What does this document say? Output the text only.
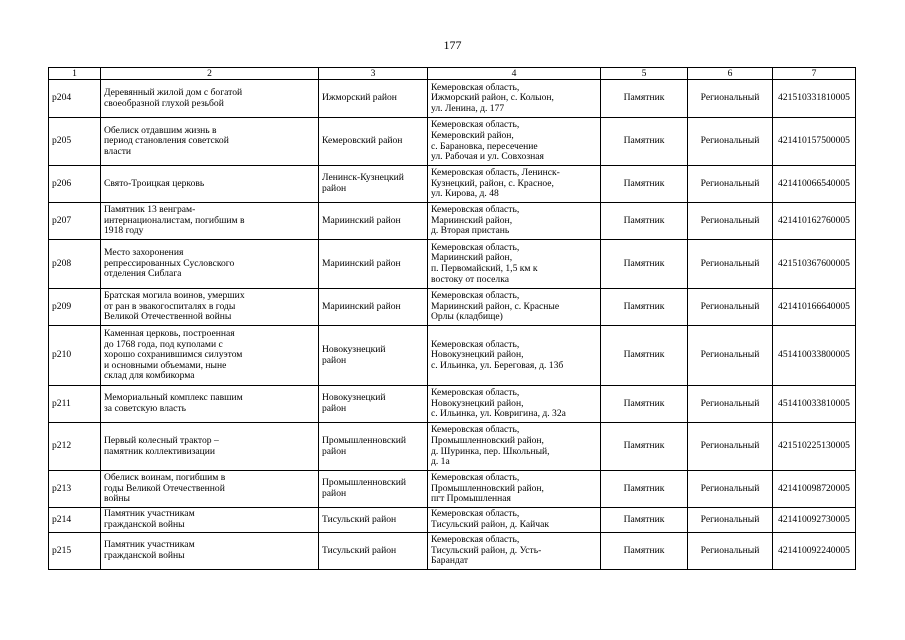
177
1	2	3	4	5	6	7
р204	Деревянный жилой дом с богатой
своеобразной глухой резьбой	Ижморский район	Кемеровская область,
Ижморский район, с. Колыон,
ул. Ленина, д. 177	Памятник	Региональный	421510331810005
р205	Обелиск отдавшим жизнь в
период становления советской
власти	Кемеровский район	Кемеровская область,
Кемеровский район,
с. Барановка, пересечение
ул. Рабочая и ул. Совхозная	Памятник	Региональный	421410157500005
р206	Свято-Троицкая церковь	Ленинск-Кузнецкий
район	Кемеровская область, Ленинск-
Кузнецкий, район, с. Красное,
ул. Кирова, д. 48	Памятник	Региональный	421410066540005
р207	Памятник 13 венграм-
интернационалистам, погибшим в
1918 году	Мариинский район	Кемеровская область,
Мариинский район,
д. Вторая пристань	Памятник	Региональный	421410162760005
р208	Место захоронения
репрессированных Сусловского
отделения Сиблага	Мариинский район	Кемеровская область,
Мариинский район,
п. Первомайский, 1,5 км к
востоку от поселка	Памятник	Региональный	421510367600005
р209	Братская могила воинов, умерших
от ран в эвакогоспиталях в годы
Великой Отечественной войны	Мариинский район	Кемеровская область,
Мариинский район, с. Красные
Орлы (кладбище)	Памятник	Региональный	421410166640005
р210	Каменная церковь, построенная
до 1768 года, под куполами с
хорошо сохранившимся силуэтом
и основными объемами, ныне
склад для комбикорма	Новокузнецкий
район	Кемеровская область,
Новокузнецкий район,
с. Ильинка, ул. Береговая, д. 13б	Памятник	Региональный	451410033800005
р211	Мемориальный комплекс павшим
за советскую власть	Новокузнецкий
район	Кемеровская область,
Новокузнецкий район,
с. Ильинка, ул. Ковригина, д. 32а	Памятник	Региональный	451410033810005
р212	Первый колесный трактор –
памятник коллективизации	Промышленновский
район	Кемеровская область,
Промышленновский район,
д. Шуринка, пер. Школьный,
д. 1а	Памятник	Региональный	421510225130005
р213	Обелиск воинам, погибшим в
годы Великой Отечественной
войны	Промышленновский
район	Кемеровская область,
Промышленновский район,
пгт Промышленная	Памятник	Региональный	421410098720005
р214	Памятник участникам
гражданской войны	Тисульский район	Кемеровская область,
Тисульский район, д. Кайчак	Памятник	Региональный	421410092730005
р215	Памятник участникам
гражданской войны	Тисульский район	Кемеровская область,
Тисульский район, д. Усть-
Барандат	Памятник	Региональный	421410092240005
